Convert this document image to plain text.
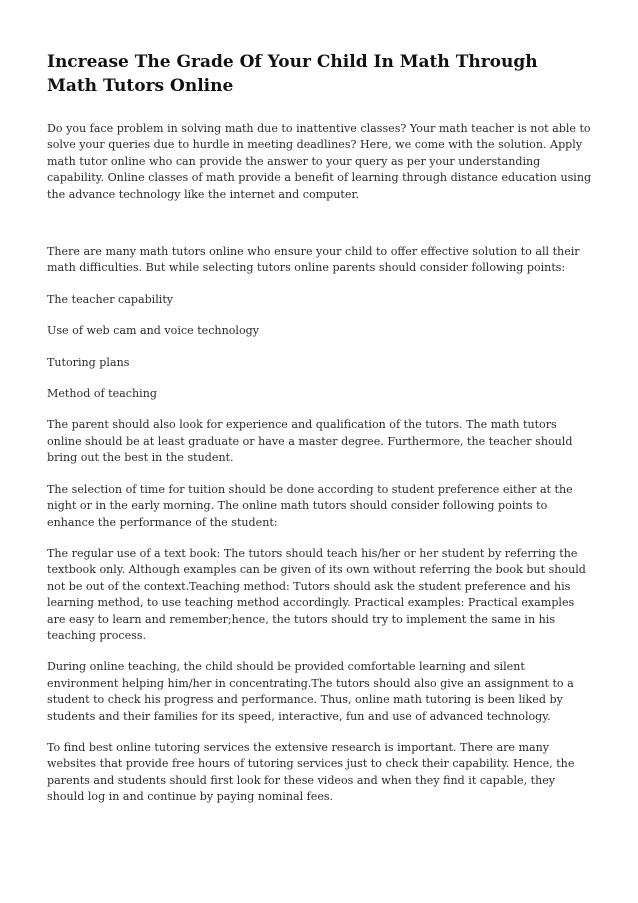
Increase The Grade Of Your Child In Math Through Math Tutors Online

Do you face problem in solving math due to inattentive classes? Your math teacher is not able to solve your queries due to hurdle in meeting deadlines? Here, we come with the solution. Apply math tutor online who can provide the answer to your query as per your understanding capability. Online classes of math provide a benefit of learning through distance education using the advance technology like the internet and computer.

There are many math tutors online who ensure your child to offer effective solution to all their math difficulties. But while selecting tutors online parents should consider following points:

The teacher capability

Use of web cam and voice technology

Tutoring plans

Method of teaching

The parent should also look for experience and qualification of the tutors. The math tutors online should be at least graduate or have a master degree. Furthermore, the teacher should bring out the best in the student.

The selection of time for tuition should be done according to student preference either at the night or in the early morning. The online math tutors should consider following points to enhance the performance of the student:

The regular use of a text book: The tutors should teach his/her or her student by referring the textbook only. Although examples can be given of its own without referring the book but should not be out of the context.Teaching method: Tutors should ask the student preference and his learning method, to use teaching method accordingly. Practical examples: Practical examples are easy to learn and remember;hence, the tutors should try to implement the same in his teaching process.

During online teaching, the child should be provided comfortable learning and silent environment helping him/her in concentrating.The tutors should also give an assignment to a student to check his progress and performance. Thus, online math tutoring is been liked by students and their families for its speed, interactive, fun and use of advanced technology.

To find best online tutoring services the extensive research is important. There are many websites that provide free hours of tutoring services just to check their capability. Hence, the parents and students should first look for these videos and when they find it capable, they should log in and continue by paying nominal fees.
